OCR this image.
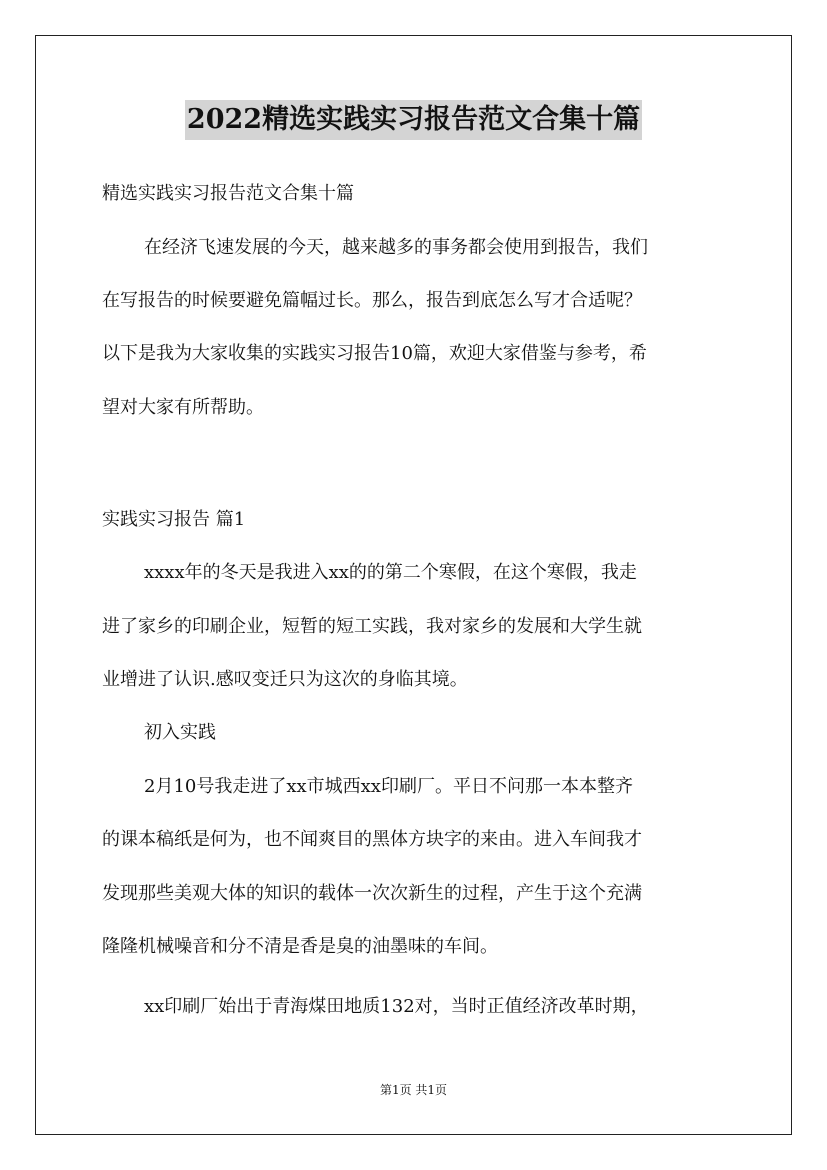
2022精选实践实习报告范文合集十篇
精选实践实习报告范文合集十篇
在经济飞速发展的今天，越来越多的事务都会使用到报告，我们
在写报告的时候要避免篇幅过长。那么，报告到底怎么写才合适呢？
以下是我为大家收集的实践实习报告10篇，欢迎大家借鉴与参考，希
望对大家有所帮助。
实践实习报告 篇1
xxxx年的冬天是我进入xx的的第二个寒假，在这个寒假，我走
进了家乡的印刷企业，短暂的短工实践，我对家乡的发展和大学生就
业增进了认识.感叹变迁只为这次的身临其境。
初入实践
2月10号我走进了xx市城西xx印刷厂。平日不问那一本本整齐
的课本稿纸是何为，也不闻爽目的黑体方块字的来由。进入车间我才
发现那些美观大体的知识的载体一次次新生的过程，产生于这个充满
隆隆机械噪音和分不清是香是臭的油墨味的车间。
xx印刷厂始出于青海煤田地质132对，当时正值经济改革时期，
第1页 共1页
